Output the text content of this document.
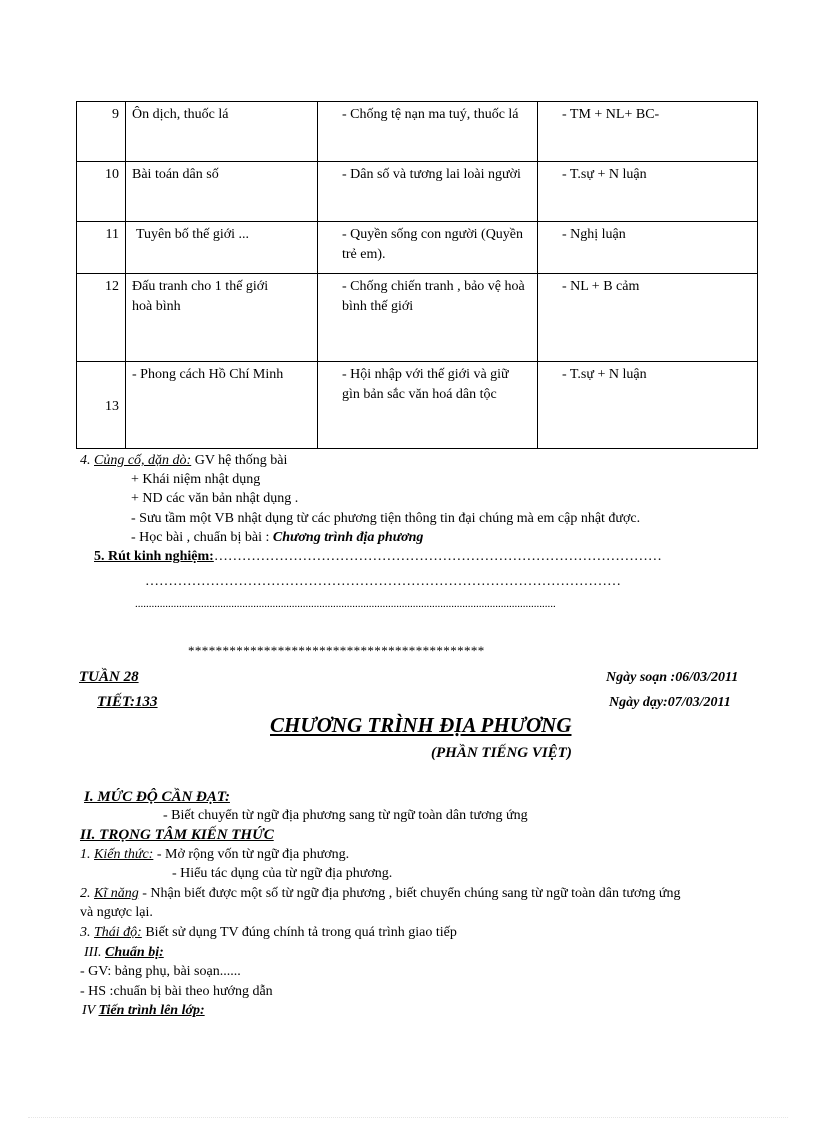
9	Ôn dịch, thuốc lá	- Chống tệ nạn ma tuý, thuốc lá	- TM + NL+ BC-
10	Bài toán dân số	- Dân số và tương lai loài người	- T.sự + N luận
11	Tuyên bố thế giới ...	- Quyền sống con người (Quyền trẻ em).	- Nghị luận
12	Đấu tranh cho 1 thế giới hoà bình	- Chống chiến tranh , bảo vệ hoà bình thế giới	- NL + B cảm
13	- Phong cách Hồ Chí Minh	- Hội nhập với thế giới và giữ gìn bản sắc văn hoá dân tộc	- T.sự + N luận
4. Củng cố, dặn dò: GV hệ thống bài
+ Khái niệm nhật dụng
+ ND các văn bản nhật dụng .
- Sưu tầm một VB nhật dụng từ các phương tiện thông tin đại chúng mà em cập nhật được.
- Học bài , chuẩn bị bài : Chương trình địa phương
5. Rút kinh nghiệm:……………………………………………………………………………………
…………………………………………………………………………………………
.........................................................................................................................................................
*******************************************
TUẦN 28
TIẾT:133
Ngày soạn :06/03/2011
Ngày dạy:07/03/2011
CHƯƠNG TRÌNH ĐỊA PHƯƠNG
(PHẦN TIẾNG VIỆT)
I. MỨC ĐỘ CẦN ĐẠT:
- Biết chuyển từ ngữ địa phương sang từ ngữ toàn dân tương ứng
II. TRỌNG TÂM KIẾN THỨC
1. Kiến thức: - Mở rộng vốn từ ngữ địa phương.
- Hiểu tác dụng của từ ngữ địa phương.
2. Kĩ năng - Nhận biết được một số từ ngữ địa phương , biết chuyển chúng sang từ ngữ toàn dân tương ứng
và ngược lại.
3. Thái độ: Biết sử dụng TV đúng chính tả trong quá trình giao tiếp
III. Chuẩn bị:
- GV: bảng phụ, bài soạn......
- HS :chuẩn bị bài theo hướng dẫn
IV Tiến trình lên lớp:
